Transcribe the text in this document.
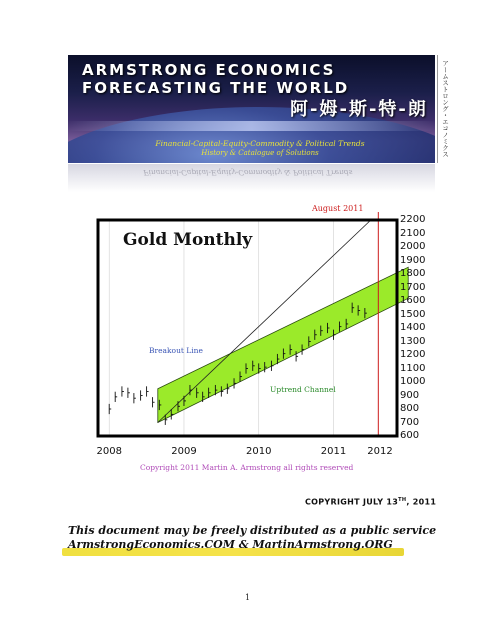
ARMSTRONG ECONOMICS
FORECASTING THE WORLD
阿-姆-斯-特-朗
Financial-Capital-Equity-Commodity & Political Trends
History & Catalogue of Solutions	アームストロング・エコノミクス
Financial-Capital-Equity-Commodity & Political Trends
August 2011
Gold Monthly
Breakout Line
Uptrend Channel
2200
2100
2000
1900
1800
1700
1600
1500
1400
1300
1200
1100
1000
900
800
700
600
2008	2009	2010	2011 2012
Copyright 2011 Martin A. Armstrong all rights reserved
COPYRIGHT JULY 13TH, 2011
This document may be freely distributed as a public service
ArmstrongEconomics.COM & MartinArmstrong.ORG
1
